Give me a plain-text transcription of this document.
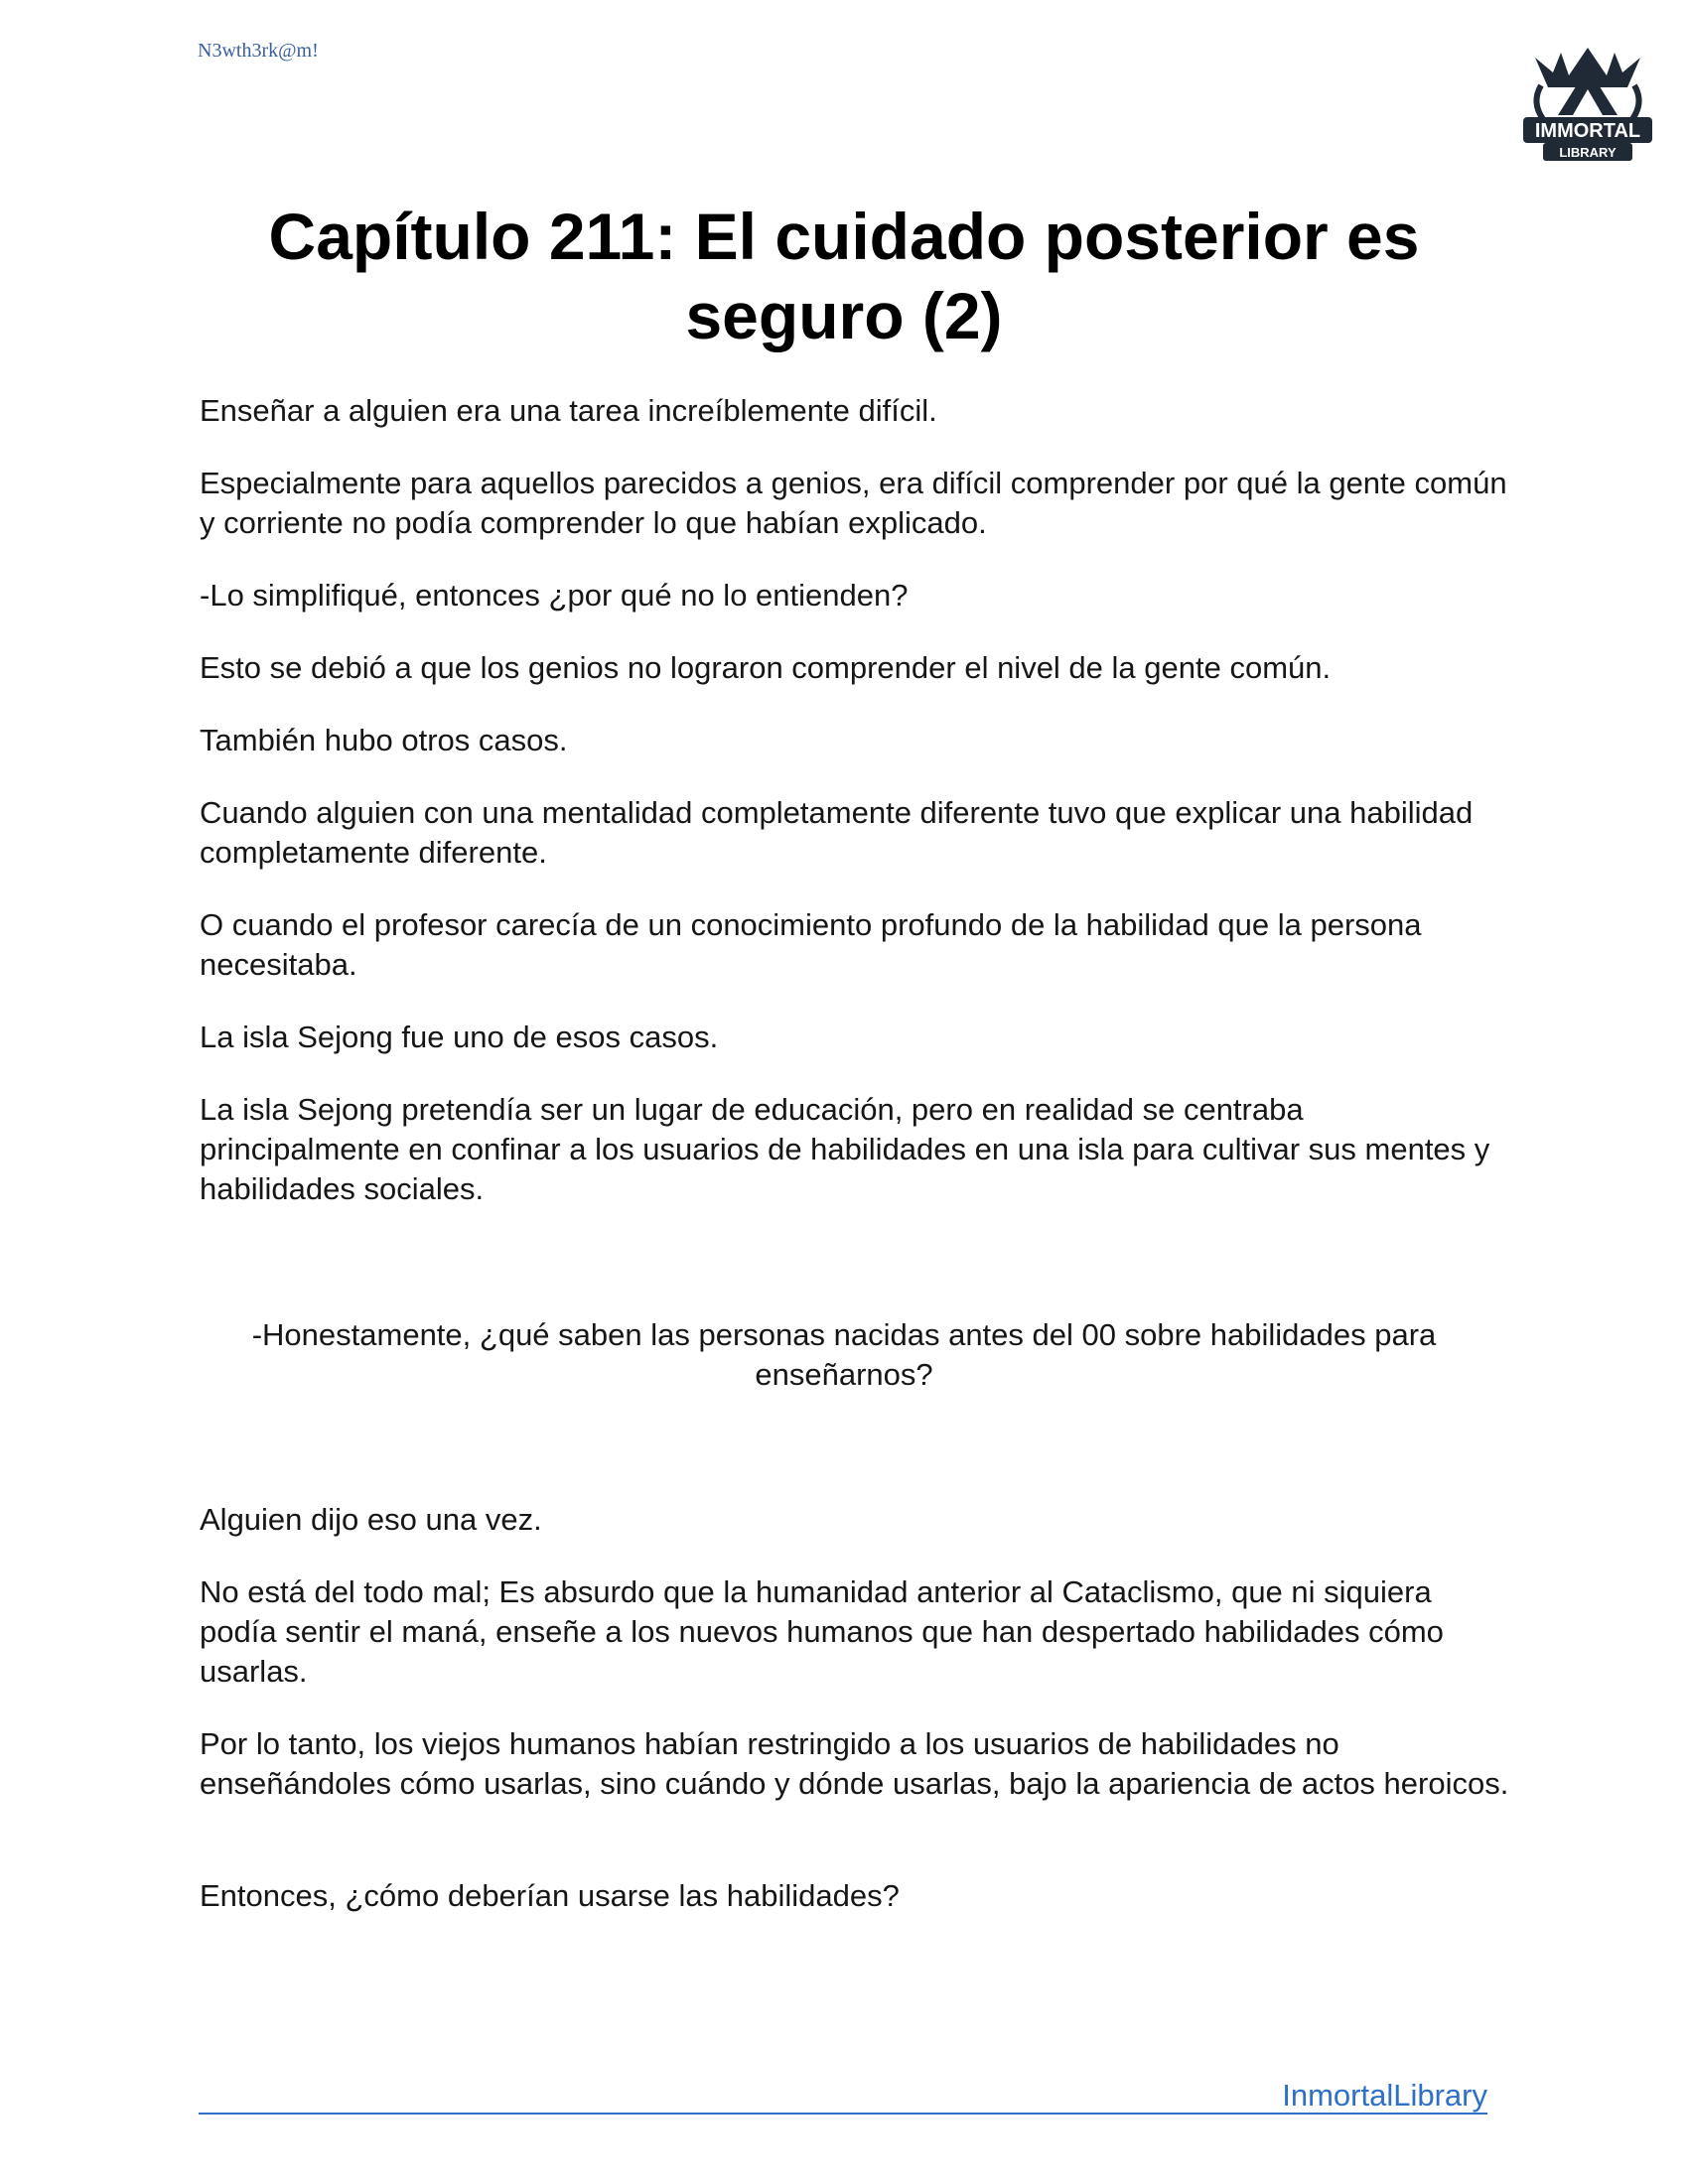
N3wth3rk@m!
IMMORTAL
LIBRARY
Capítulo 211: El cuidado posterior es seguro (2)

Enseñar a alguien era una tarea increíblemente difícil.

Especialmente para aquellos parecidos a genios, era difícil comprender por qué la gente común y corriente no podía comprender lo que habían explicado.

-Lo simplifiqué, entonces ¿por qué no lo entienden?

Esto se debió a que los genios no lograron comprender el nivel de la gente común.

También hubo otros casos.

Cuando alguien con una mentalidad completamente diferente tuvo que explicar una habilidad completamente diferente.

O cuando el profesor carecía de un conocimiento profundo de la habilidad que la persona necesitaba.

La isla Sejong fue uno de esos casos.

La isla Sejong pretendía ser un lugar de educación, pero en realidad se centraba principalmente en confinar a los usuarios de habilidades en una isla para cultivar sus mentes y habilidades sociales.

-Honestamente, ¿qué saben las personas nacidas antes del 00 sobre habilidades para enseñarnos?

Alguien dijo eso una vez.

No está del todo mal; Es absurdo que la humanidad anterior al Cataclismo, que ni siquiera podía sentir el maná, enseñe a los nuevos humanos que han despertado habilidades cómo usarlas.

Por lo tanto, los viejos humanos habían restringido a los usuarios de habilidades no enseñándoles cómo usarlas, sino cuándo y dónde usarlas, bajo la apariencia de actos heroicos.

Entonces, ¿cómo deberían usarse las habilidades?

InmortalLibrary
